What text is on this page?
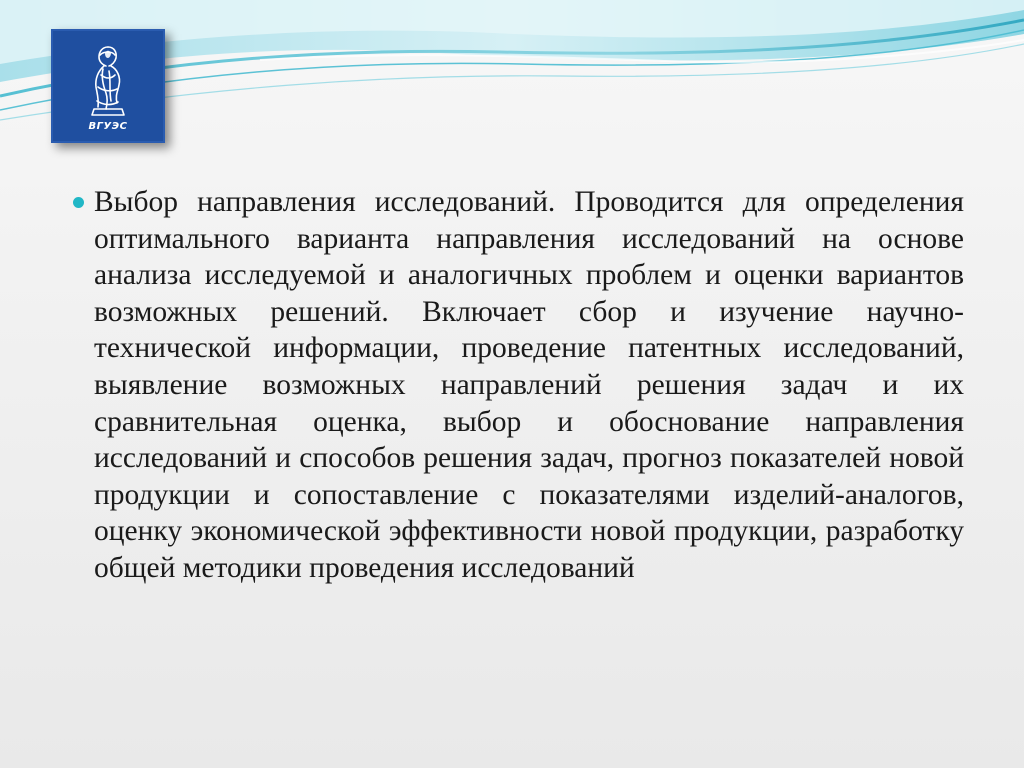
ВГУЭС

Выбор направления исследований. Проводится для определения оптимального варианта направления исследований на основе анализа исследуемой и аналогичных проблем и оценки вариантов возможных решений. Включает сбор и изучение научно-технической информации, проведение патентных исследований, выявление возможных направлений решения задач и их сравнительная оценка, выбор и обоснование направления исследований и способов решения задач, прогноз показателей новой продукции и сопоставление с показателями изделий-аналогов, оценку экономической эффективности новой продукции, разработку общей методики проведения исследований
